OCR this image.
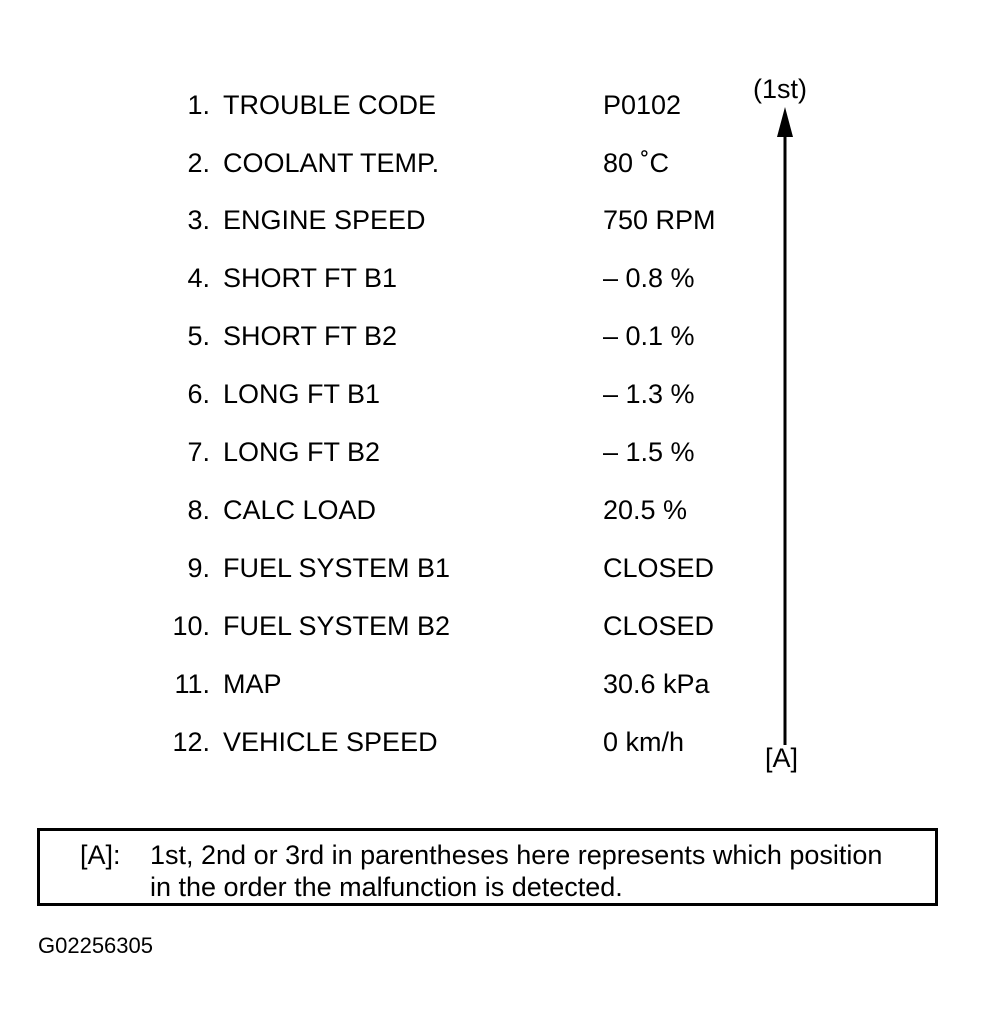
1. TROUBLE CODE	P0102
2. COOLANT TEMP.	80 ˚C
3. ENGINE SPEED	750 RPM
4. SHORT FT B1	– 0.8 %
5. SHORT FT B2	– 0.1 %
6. LONG FT B1	– 1.3 %
7. LONG FT B2	– 1.5 %
8. CALC LOAD	20.5 %
9. FUEL SYSTEM B1	CLOSED
10. FUEL SYSTEM B2	CLOSED
11. MAP	30.6 kPa
12. VEHICLE SPEED	0 km/h
(1st)
[A]
[A]: 1st, 2nd or 3rd in parentheses here represents which position in the order the malfunction is detected.
G02256305
